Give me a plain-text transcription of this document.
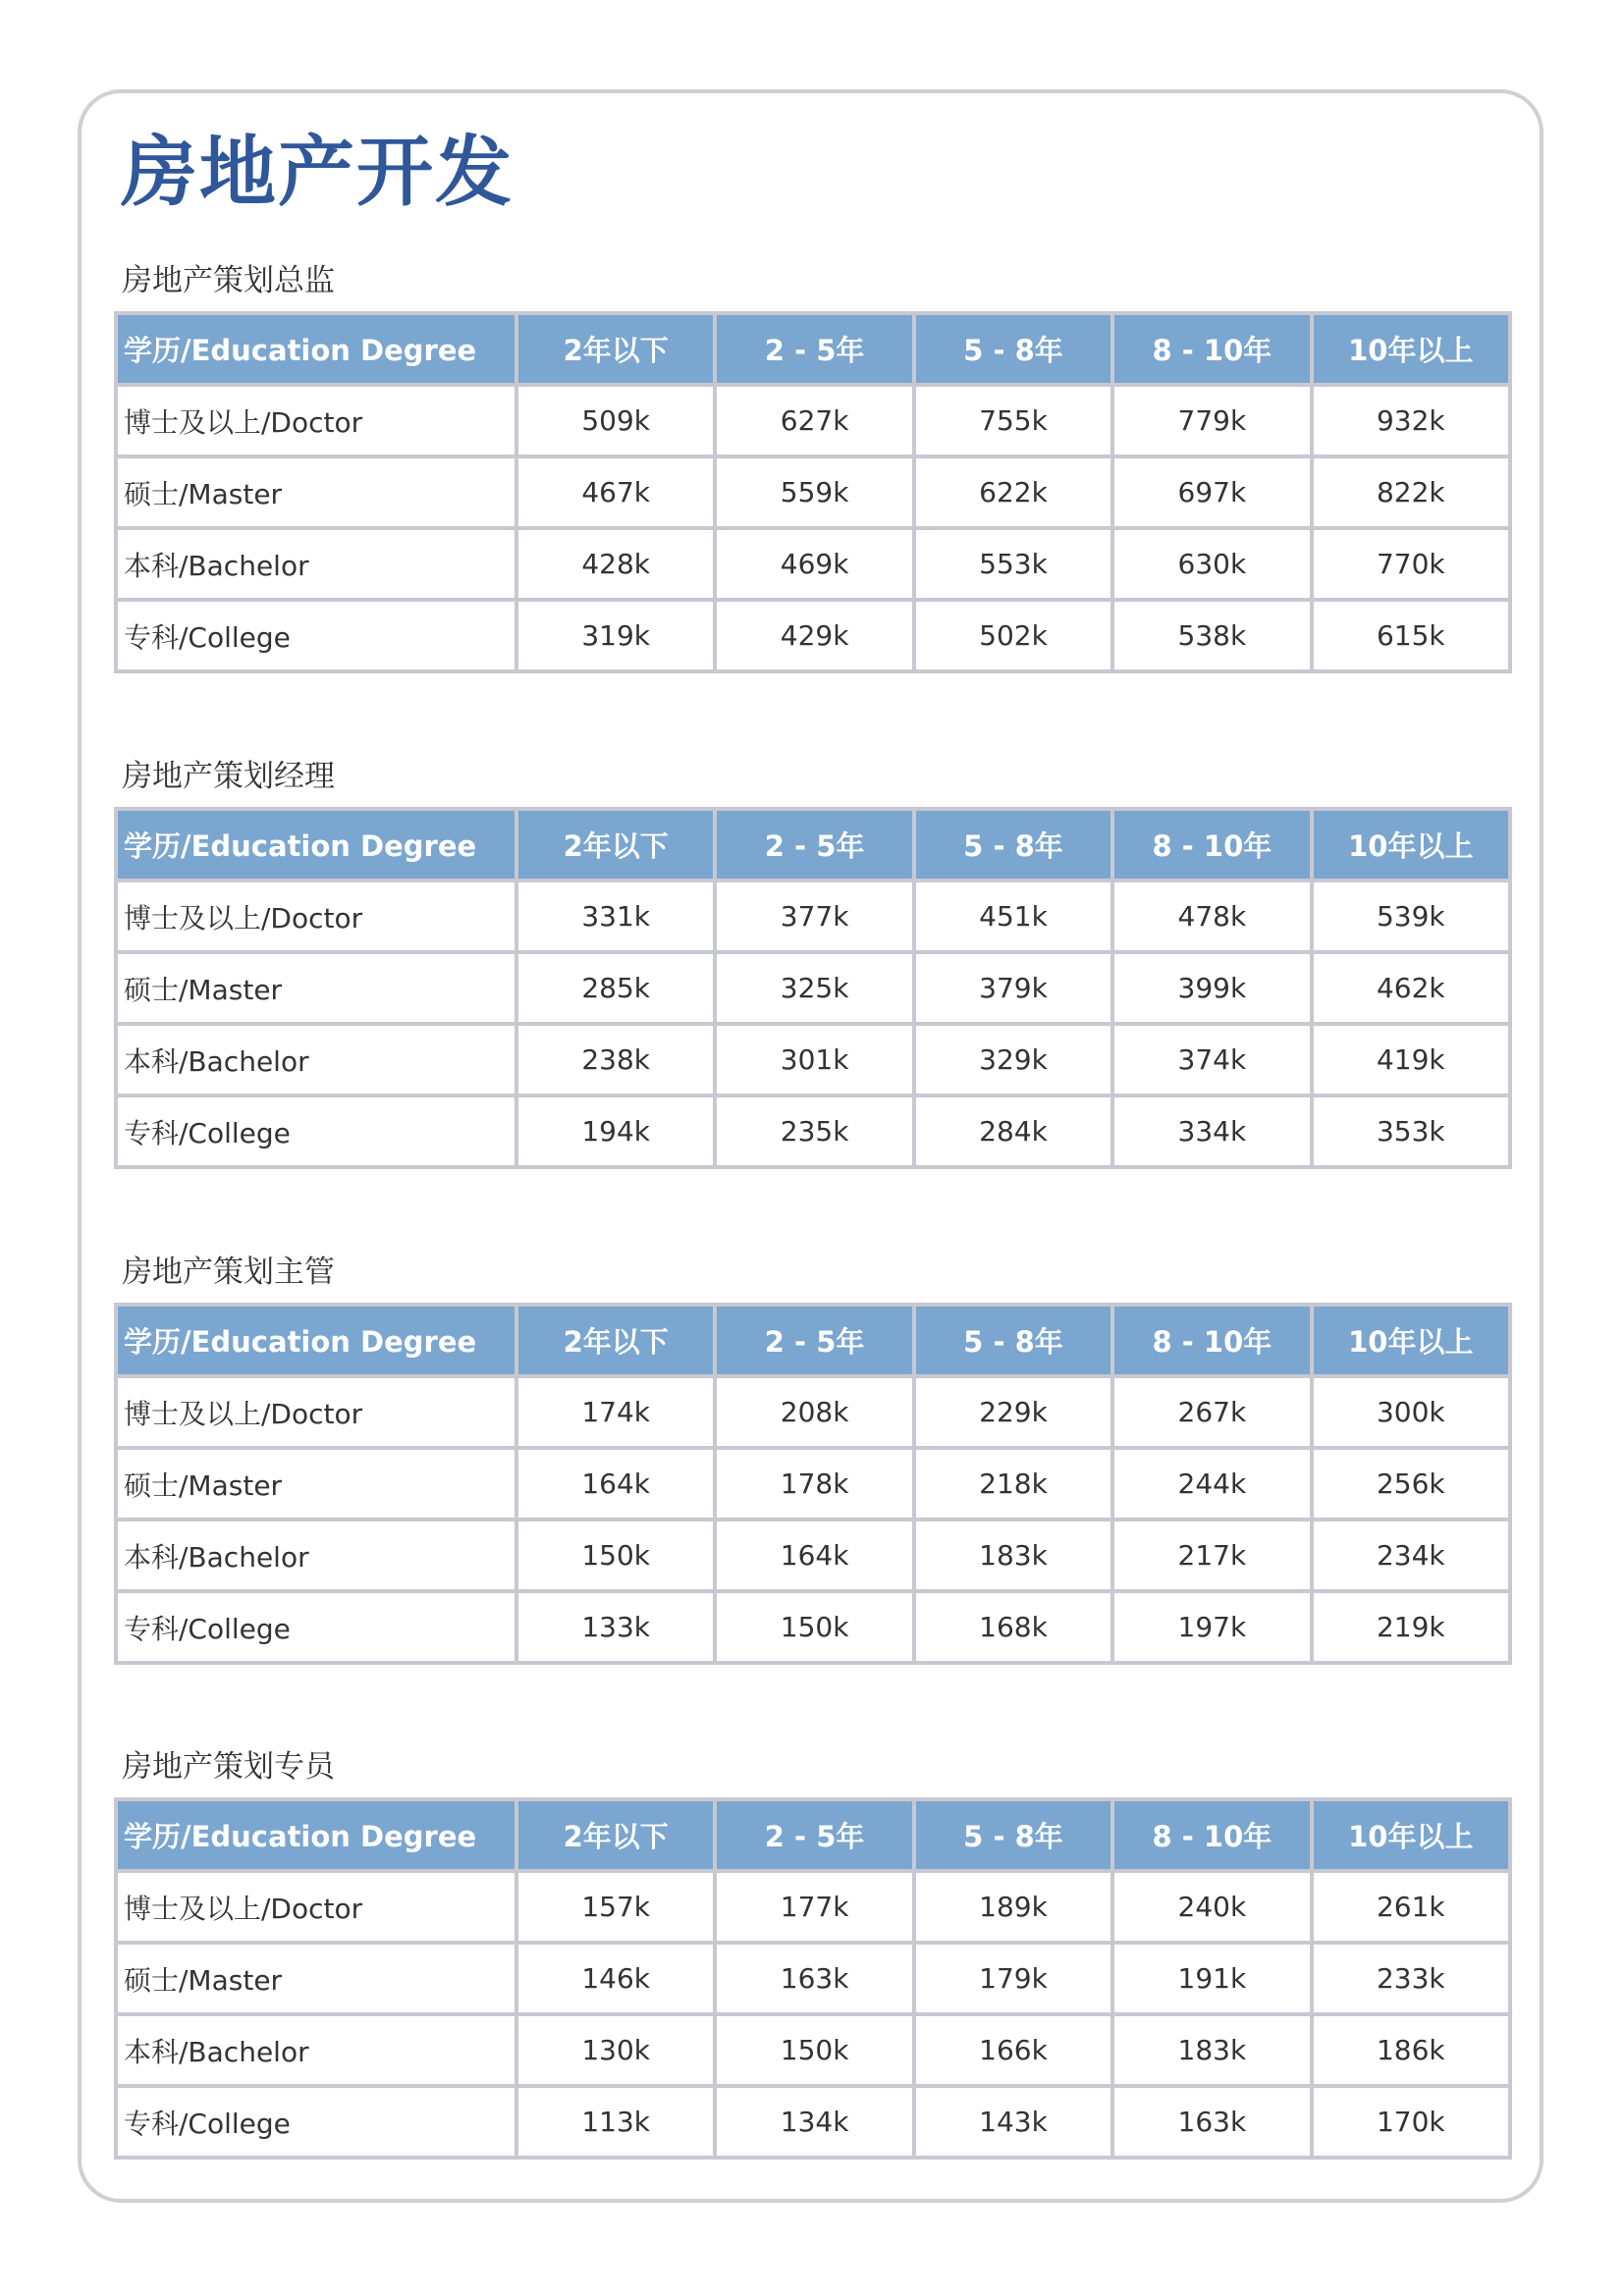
房地产开发
房地产策划总监
学历/Education Degree	2年以下	2 - 5年	5 - 8年	8 - 10年	10年以上
博士及以上/Doctor	509k	627k	755k	779k	932k
硕士/Master	467k	559k	622k	697k	822k
本科/Bachelor	428k	469k	553k	630k	770k
专科/College	319k	429k	502k	538k	615k
房地产策划经理
学历/Education Degree	2年以下	2 - 5年	5 - 8年	8 - 10年	10年以上
博士及以上/Doctor	331k	377k	451k	478k	539k
硕士/Master	285k	325k	379k	399k	462k
本科/Bachelor	238k	301k	329k	374k	419k
专科/College	194k	235k	284k	334k	353k
房地产策划主管
学历/Education Degree	2年以下	2 - 5年	5 - 8年	8 - 10年	10年以上
博士及以上/Doctor	174k	208k	229k	267k	300k
硕士/Master	164k	178k	218k	244k	256k
本科/Bachelor	150k	164k	183k	217k	234k
专科/College	133k	150k	168k	197k	219k
房地产策划专员
学历/Education Degree	2年以下	2 - 5年	5 - 8年	8 - 10年	10年以上
博士及以上/Doctor	157k	177k	189k	240k	261k
硕士/Master	146k	163k	179k	191k	233k
本科/Bachelor	130k	150k	166k	183k	186k
专科/College	113k	134k	143k	163k	170k
